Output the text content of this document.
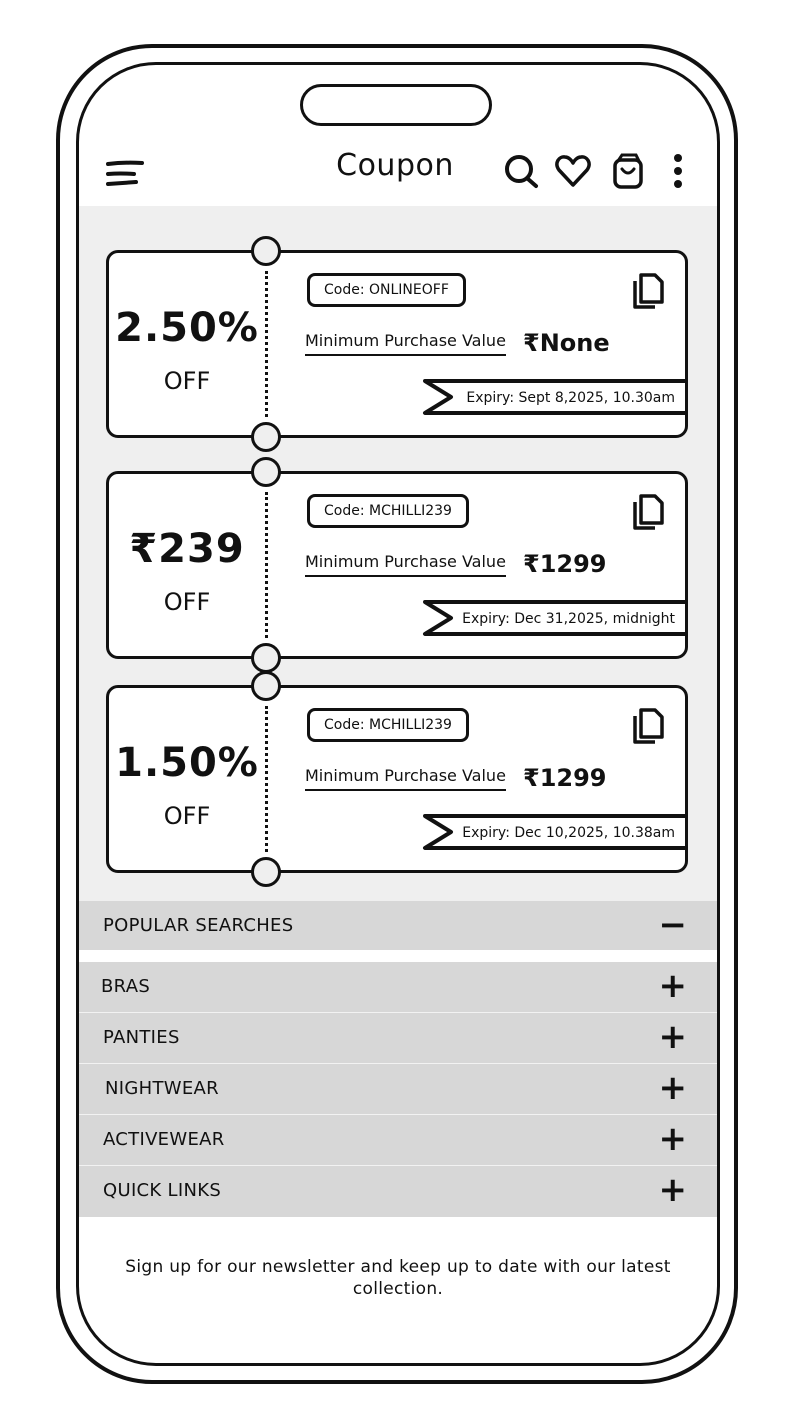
Coupon
2.50%
OFF
Code: ONLINEOFF
Minimum Purchase Value ₹None
Expiry: Sept 8,2025, 10.30am
₹239
OFF
Code: MCHILLI239
Minimum Purchase Value ₹1299
Expiry: Dec 31,2025, midnight
1.50%
OFF
Code: MCHILLI239
Minimum Purchase Value ₹1299
Expiry: Dec 10,2025, 10.38am
POPULAR SEARCHES	−
BRAS	+
PANTIES	+
NIGHTWEAR	+
ACTIVEWEAR	+
QUICK LINKS	+
Sign up for our newsletter and keep up to date with our latest collection.
